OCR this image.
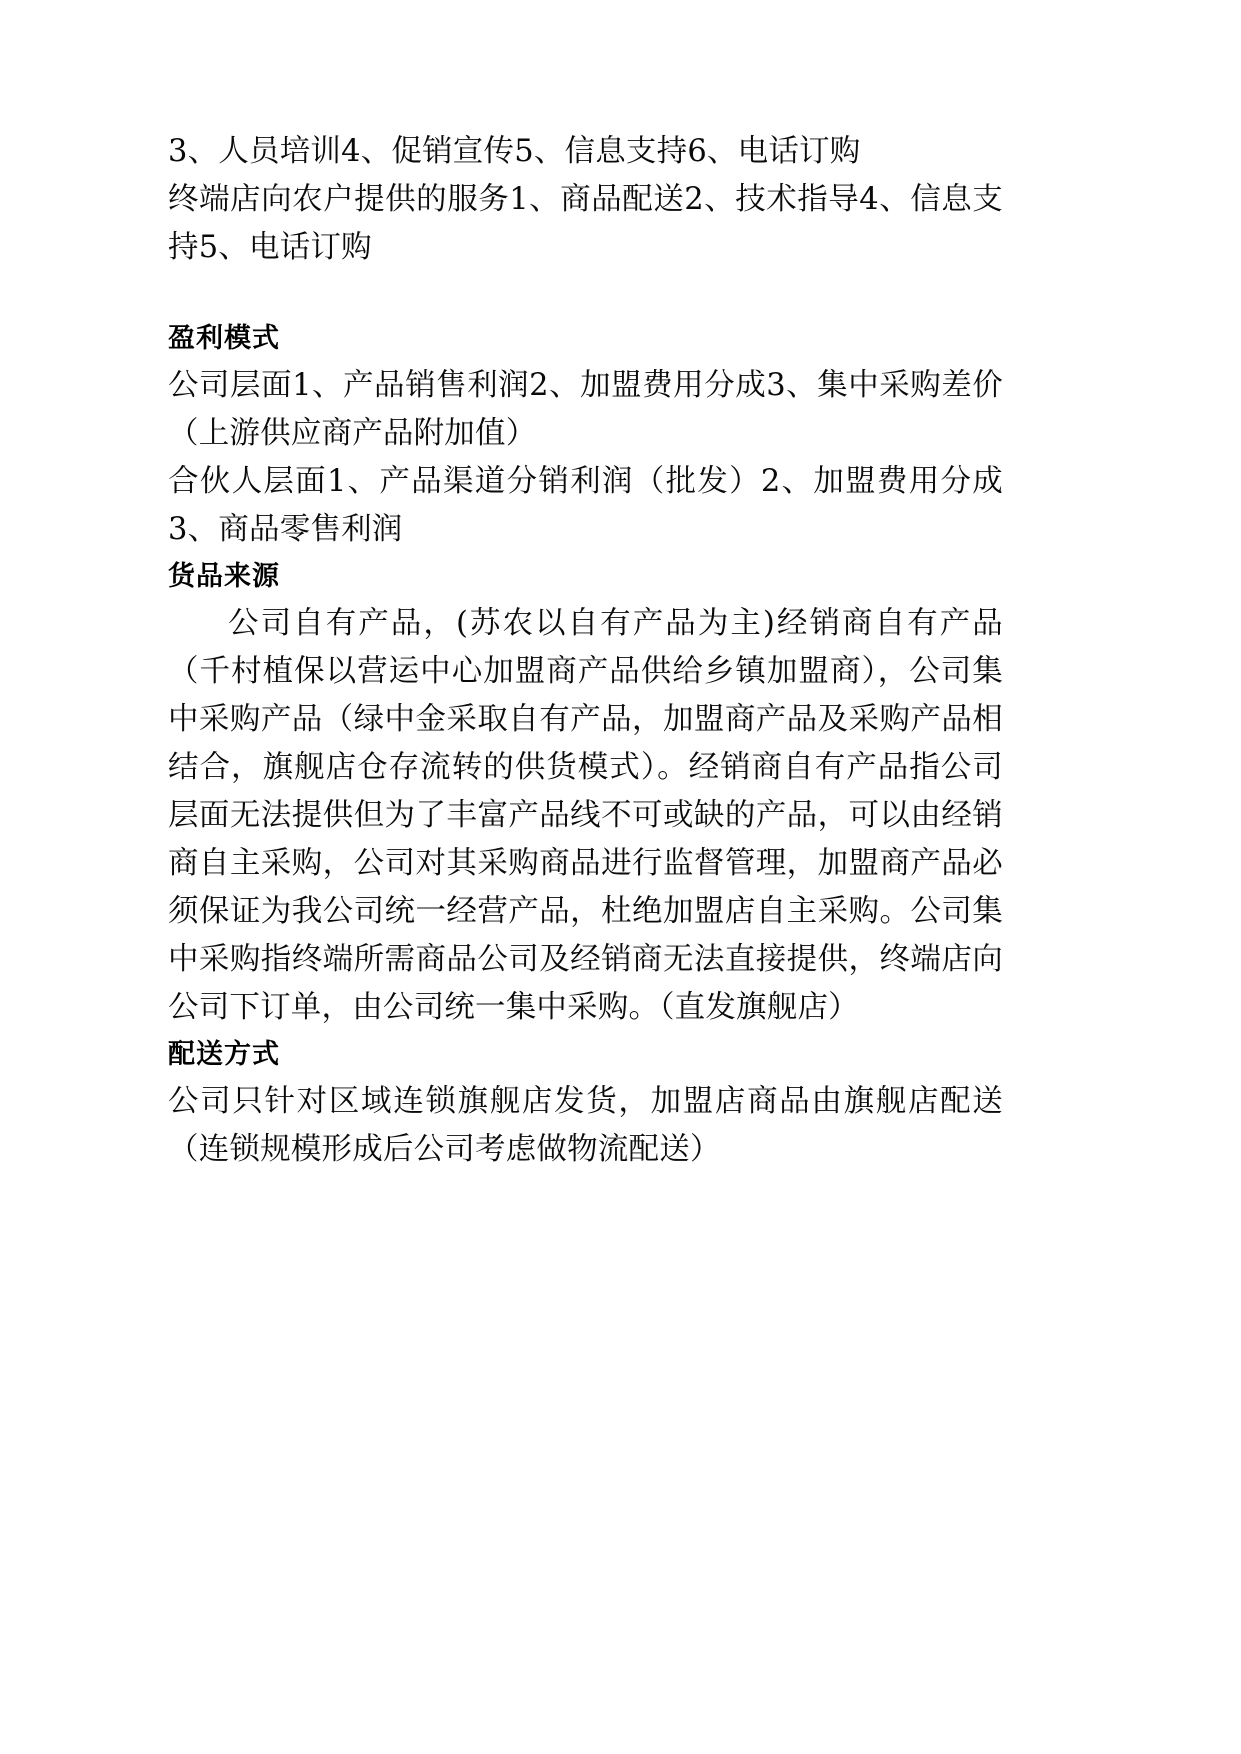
3、人员培训4、促销宣传5、信息支持6、电话订购

终端店向农户提供的服务1、商品配送2、技术指导4、信息支持5、电话订购

盈利模式

公司层面1、产品销售利润2、加盟费用分成3、集中采购差价（上游供应商产品附加值）

合伙人层面1、产品渠道分销利润（批发）2、加盟费用分成3、商品零售利润

货品来源

公司自有产品，(苏农以自有产品为主)经销商自有产品（千村植保以营运中心加盟商产品供给乡镇加盟商），公司集中采购产品（绿中金采取自有产品，加盟商产品及采购产品相结合，旗舰店仓存流转的供货模式）。经销商自有产品指公司层面无法提供但为了丰富产品线不可或缺的产品，可以由经销商自主采购，公司对其采购商品进行监督管理，加盟商产品必须保证为我公司统一经营产品，杜绝加盟店自主采购。公司集中采购指终端所需商品公司及经销商无法直接提供，终端店向公司下订单，由公司统一集中采购。（直发旗舰店）

配送方式

公司只针对区域连锁旗舰店发货，加盟店商品由旗舰店配送（连锁规模形成后公司考虑做物流配送）
